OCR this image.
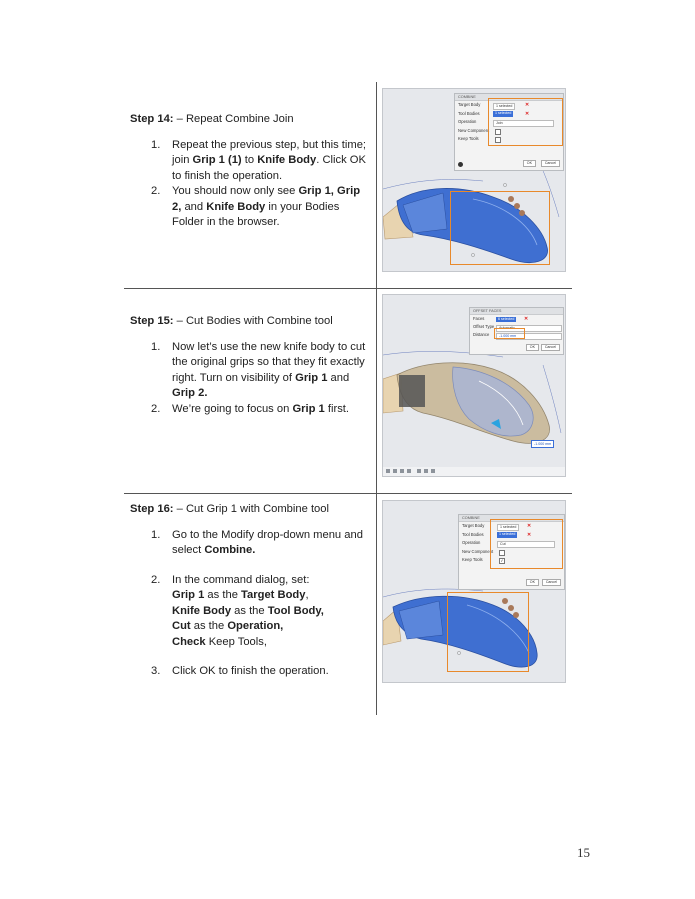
Step 14: – Repeat Combine Join

1. Repeat the previous step, but this time; join Grip 1 (1) to Knife Body. Click OK to finish the operation.
2. You should now only see Grip 1, Grip 2, and Knife Body in your Bodies Folder in the browser.

Step 15: – Cut Bodies with Combine tool

1. Now let’s use the new knife body to cut the original grips so that they fit exactly right. Turn on visibility of Grip 1 and Grip 2.
2. We’re going to focus on Grip 1 first.

Step 16: – Cut Grip 1 with Combine tool

1. Go to the Modify drop-down menu and select Combine.
2. In the command dialog, set:
Grip 1 as the Target Body,
Knife Body as the Tool Body,
Cut as the Operation,
Check Keep Tools,
3. Click OK to finish the operation.
COMBINE
Target Body	1 selected	✕
Tool Bodies	1 selected	✕
Operation	Join
New Component
Keep Tools
OK	Cancel
OFFSET FACES
Faces	6 selected	✕
Offset Type	Automatic
Distance	-1.000 mm
OK	Cancel
-1.000 mm
COMBINE
Target Body	1 selected	✕
Tool Bodies	1 selected	✕
Operation	Cut
New Component
Keep Tools	✓
OK	Cancel
15
